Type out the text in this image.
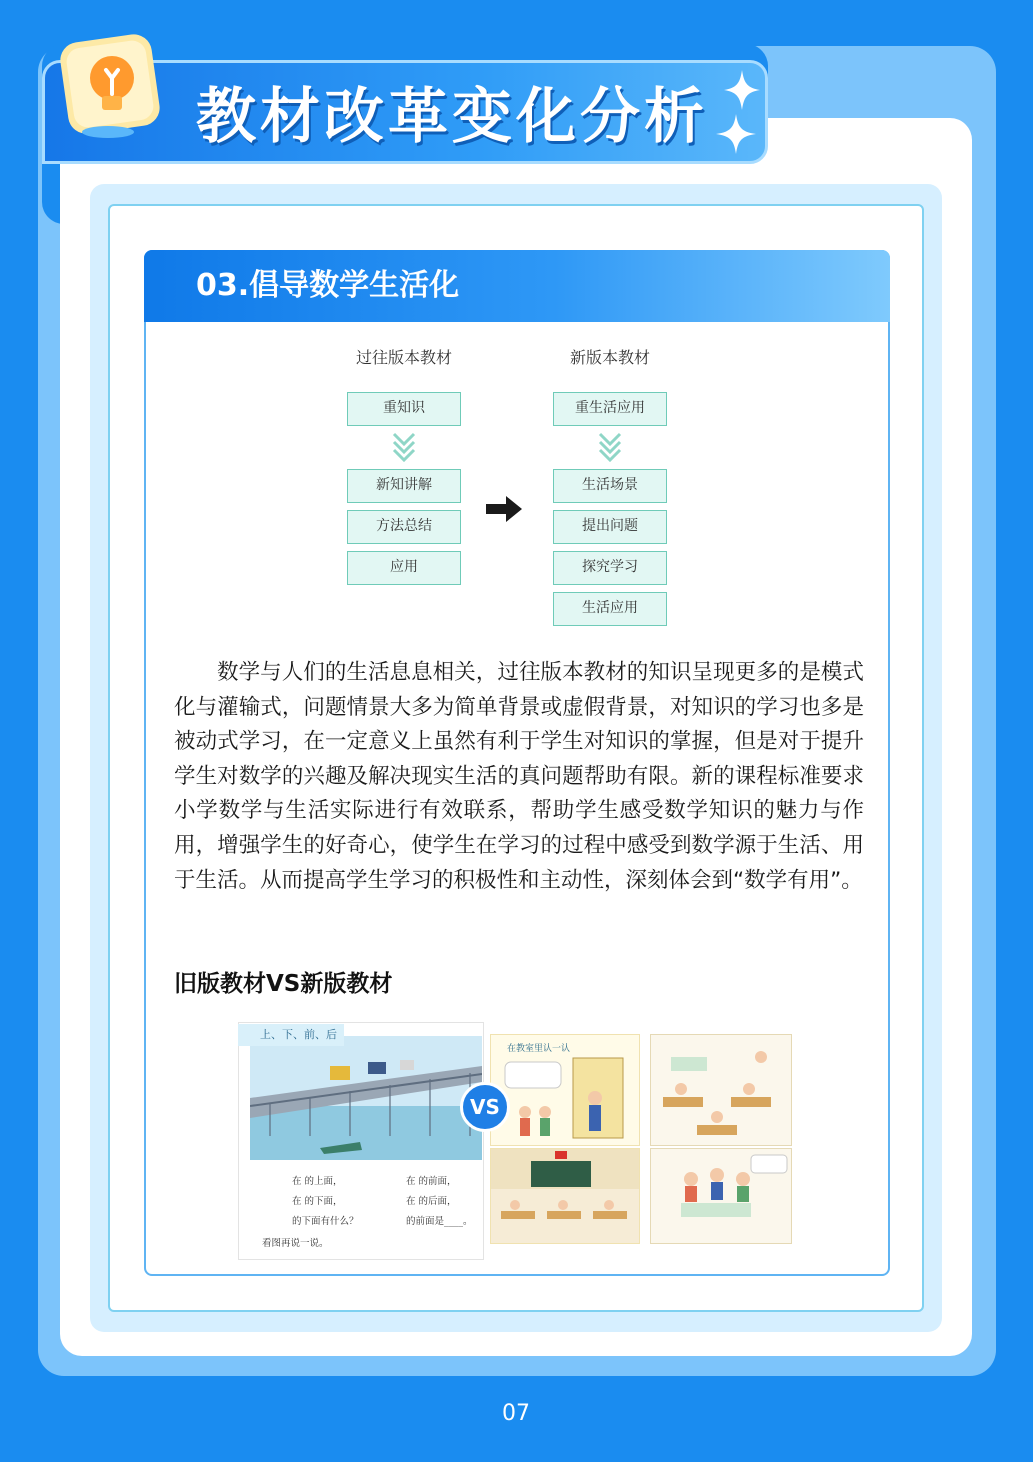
教材改革变化分析
03.倡导数学生活化
过往版本教材	新版本教材
重知识
新知讲解
方法总结
应用
重生活应用
生活场景
提出问题
探究学习
生活应用
数学与人们的生活息息相关，过往版本教材的知识呈现更多的是模式化与灌输式，问题情景大多为简单背景或虚假背景，对知识的学习也多是被动式学习，在一定意义上虽然有利于学生对知识的掌握，但是对于提升学生对数学的兴趣及解决现实生活的真问题帮助有限。新的课程标准要求小学数学与生活实际进行有效联系，帮助学生感受数学知识的魅力与作用，增强学生的好奇心，使学生在学习的过程中感受到数学源于生活、用于生活。从而提高学生学习的积极性和主动性，深刻体会到“数学有用”。
旧版教材VS新版教材
上、下、前、后
在 的上面，
在 的下面，
的下面有什么？
在 的前面，
在 的后面，
的前面是____。
看图再说一说。
在教室里认一认
VS
07
